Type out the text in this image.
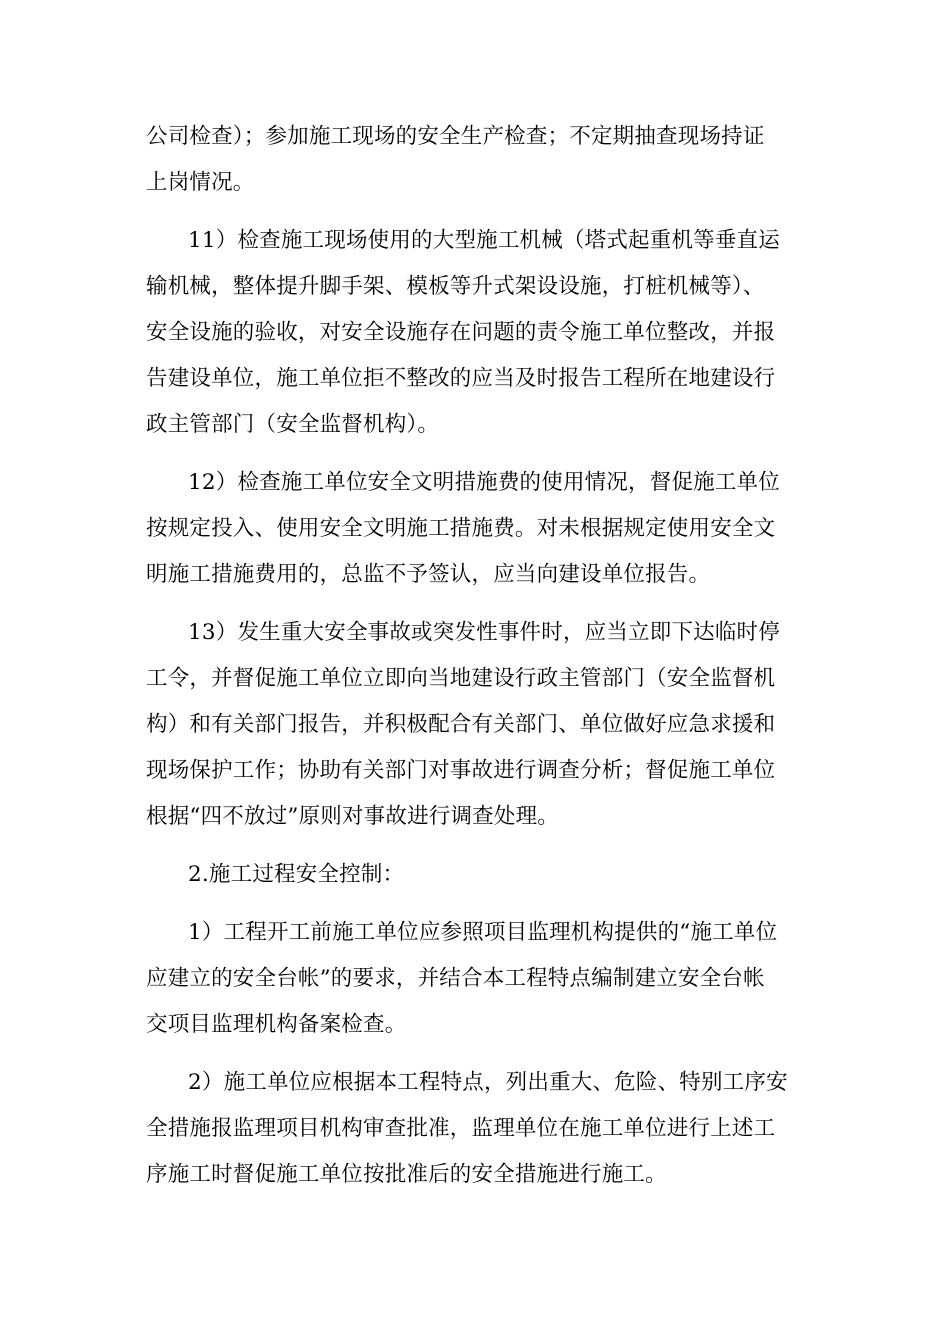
公司检查）；参加施工现场的安全生产检查；不定期抽查现场持证
上岗情况。
11）检查施工现场使用的大型施工机械（塔式起重机等垂直运
输机械，整体提升脚手架、模板等升式架设设施，打桩机械等）、
安全设施的验收，对安全设施存在问题的责令施工单位整改，并报
告建设单位，施工单位拒不整改的应当及时报告工程所在地建设行
政主管部门（安全监督机构）。
12）检查施工单位安全文明措施费的使用情况，督促施工单位
按规定投入、使用安全文明施工措施费。对未根据规定使用安全文
明施工措施费用的，总监不予签认，应当向建设单位报告。
13）发生重大安全事故或突发性事件时，应当立即下达临时停
工令，并督促施工单位立即向当地建设行政主管部门（安全监督机
构）和有关部门报告，并积极配合有关部门、单位做好应急求援和
现场保护工作；协助有关部门对事故进行调查分析；督促施工单位
根据“四不放过”原则对事故进行调查处理。
2.施工过程安全控制：
1）工程开工前施工单位应参照项目监理机构提供的“施工单位
应建立的安全台帐”的要求，并结合本工程特点编制建立安全台帐
交项目监理机构备案检查。
2）施工单位应根据本工程特点，列出重大、危险、特别工序安
全措施报监理项目机构审查批准，监理单位在施工单位进行上述工
序施工时督促施工单位按批准后的安全措施进行施工。
